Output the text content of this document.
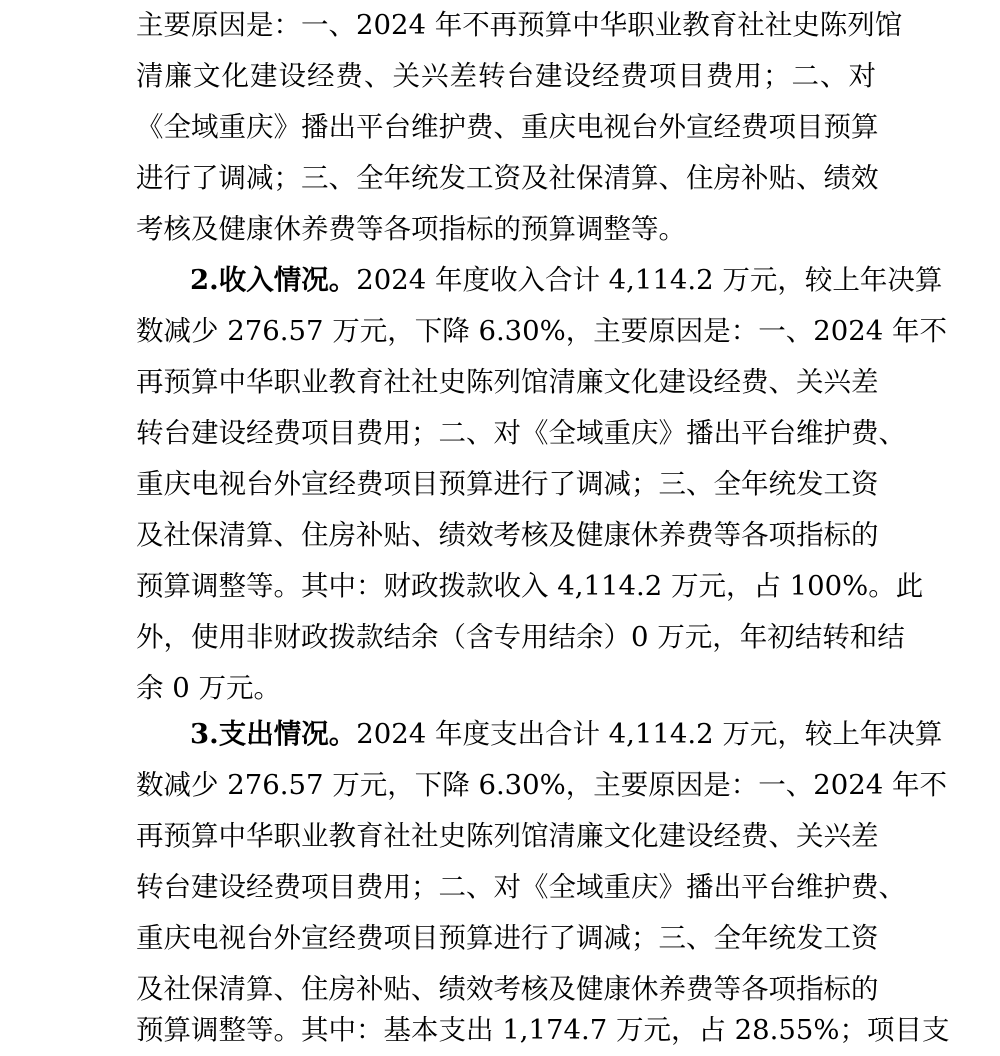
主要原因是：一、2024 年不再预算中华职业教育社社史陈列馆
清廉文化建设经费、关兴差转台建设经费项目费用；二、对
《全域重庆》播出平台维护费、重庆电视台外宣经费项目预算
进行了调减；三、全年统发工资及社保清算、住房补贴、绩效
考核及健康休养费等各项指标的预算调整等。
2.收入情况。2024 年度收入合计 4,114.2 万元，较上年决算
数减少 276.57 万元，下降 6.30%，主要原因是：一、2024 年不
再预算中华职业教育社社史陈列馆清廉文化建设经费、关兴差
转台建设经费项目费用；二、对《全域重庆》播出平台维护费、
重庆电视台外宣经费项目预算进行了调减；三、全年统发工资
及社保清算、住房补贴、绩效考核及健康休养费等各项指标的
预算调整等。其中：财政拨款收入 4,114.2 万元，占 100%。此
外，使用非财政拨款结余（含专用结余）0 万元，年初结转和结
余 0 万元。
3.支出情况。2024 年度支出合计 4,114.2 万元，较上年决算
数减少 276.57 万元，下降 6.30%，主要原因是：一、2024 年不
再预算中华职业教育社社史陈列馆清廉文化建设经费、关兴差
转台建设经费项目费用；二、对《全域重庆》播出平台维护费、
重庆电视台外宣经费项目预算进行了调减；三、全年统发工资
及社保清算、住房补贴、绩效考核及健康休养费等各项指标的
预算调整等。其中：基本支出 1,174.7 万元，占 28.55%；项目支
